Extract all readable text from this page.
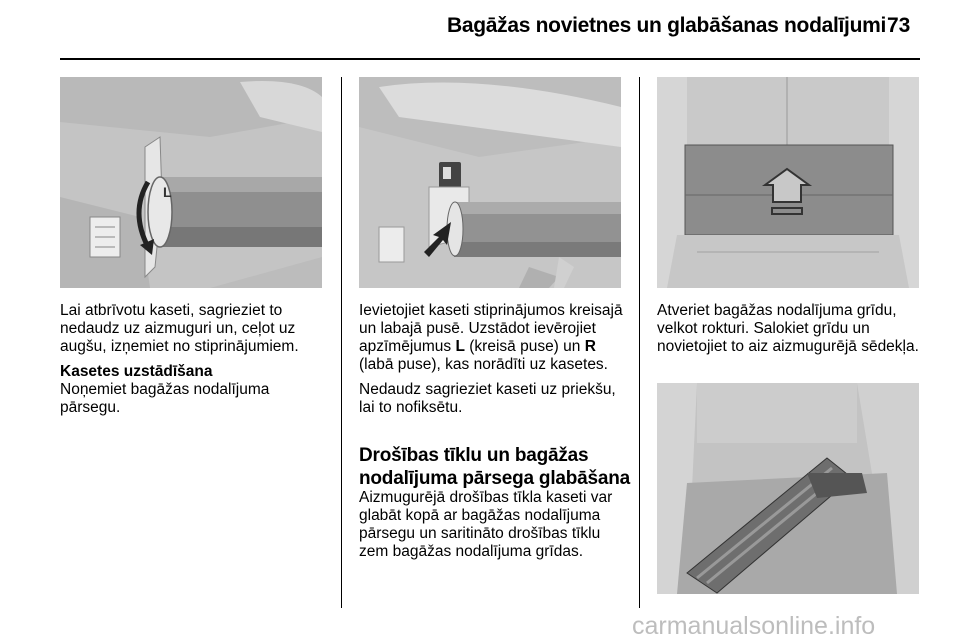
Bagāžas novietnes un glabāšanas nodalījumi 73
L

Lai atbrīvotu kaseti, sagrieziet to nedaudz uz aizmuguri un, ceļot uz augšu, izņemiet no stiprinājumiem.

Kasetes uzstādīšana

Noņemiet bagāžas nodalījuma pārsegu.

Ievietojiet kaseti stiprinājumos kreisajā un labajā pusē. Uzstādot ievērojiet apzīmējumus L (kreisā puse) un R (labā puse), kas norādīti uz kasetes.

Nedaudz sagrieziet kaseti uz priekšu, lai to nofiksētu.

Drošības tīklu un bagāžas
nodalījuma pārsega glabāšana

Aizmugurējā drošības tīkla kaseti var glabāt kopā ar bagāžas nodalījuma pārsegu un saritināto drošības tīklu zem bagāžas nodalījuma grīdas.

Atveriet bagāžas nodalījuma grīdu, velkot rokturi. Salokiet grīdu un novietojiet to aiz aizmugurējā sēdekļa.

carmanualsonline.info
